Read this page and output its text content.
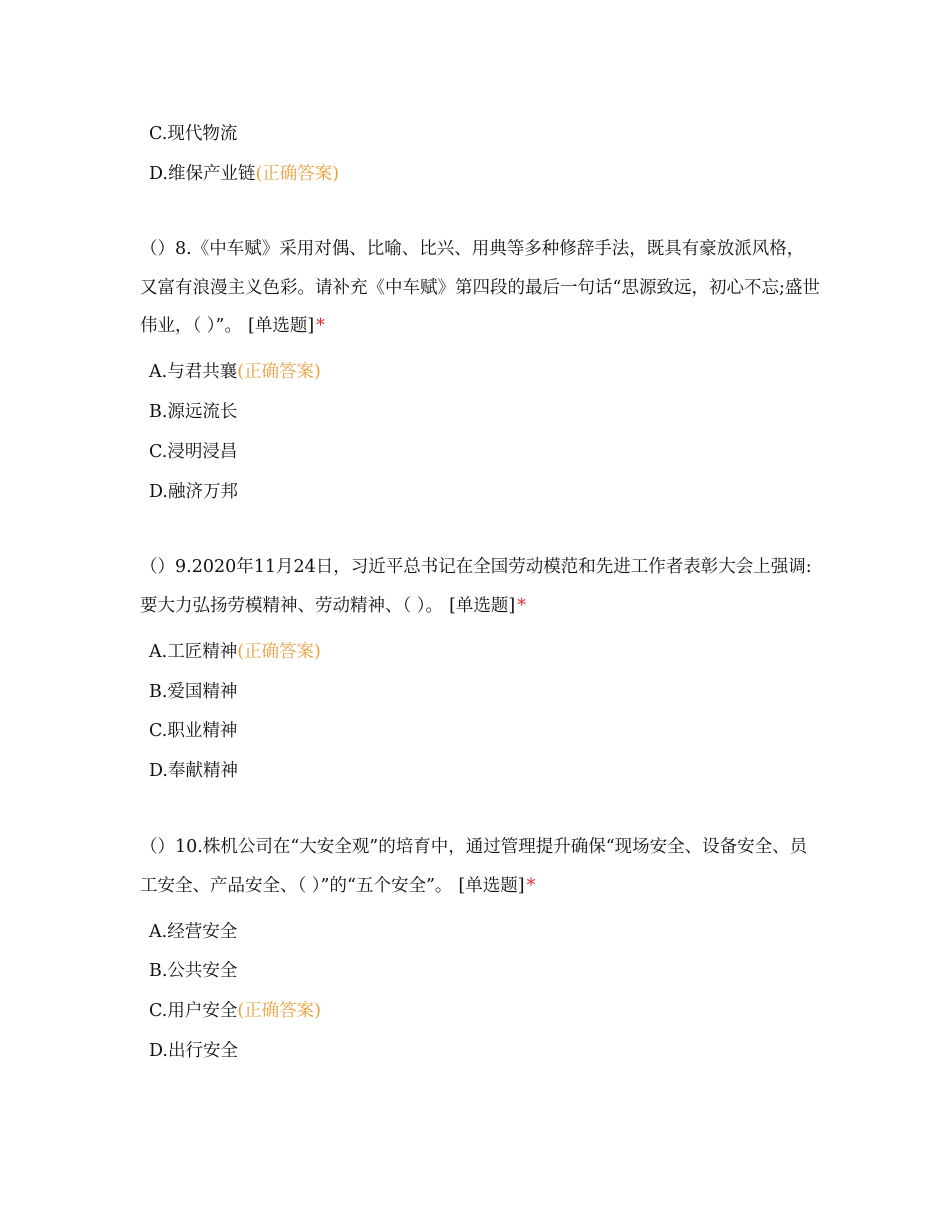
C.现代物流
D.维保产业链(正确答案)

（）8.《中车赋》采用对偶、比喻、比兴、用典等多种修辞手法，既具有豪放派风格，又富有浪漫主义色彩。请补充《中车赋》第四段的最后一句话“思源致远，初心不忘;盛世伟业，（ ）”。 [单选题] *

A.与君共襄(正确答案)
B.源远流长
C.浸明浸昌
D.融济万邦

（）9.2020年11月24日，习近平总书记在全国劳动模范和先进工作者表彰大会上强调:要大力弘扬劳模精神、劳动精神、（ ）。 [单选题] *

A.工匠精神(正确答案)
B.爱国精神
C.职业精神
D.奉献精神

（）10.株机公司在“大安全观”的培育中，通过管理提升确保“现场安全、设备安全、员工安全、产品安全、（ ）”的“五个安全”。 [单选题] *

A.经营安全
B.公共安全
C.用户安全(正确答案)
D.出行安全
